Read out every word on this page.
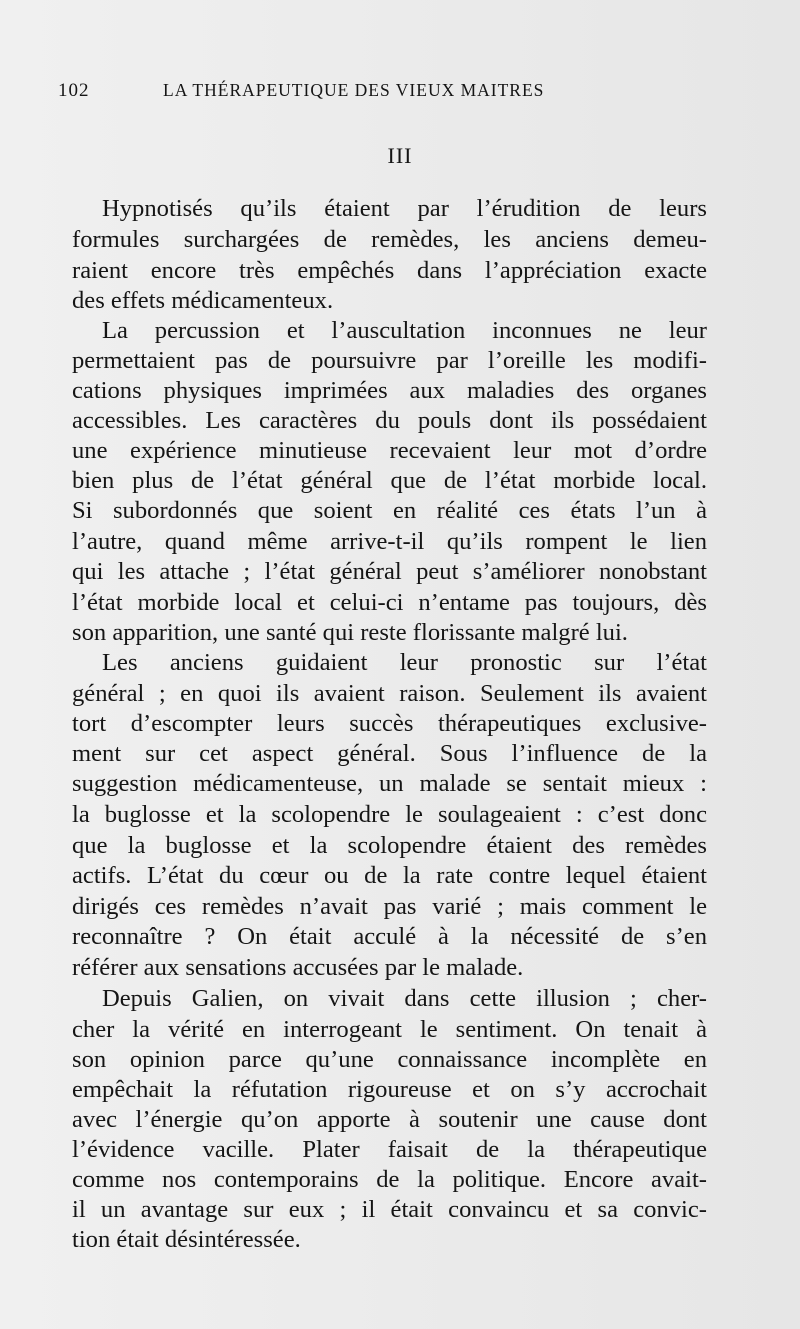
102	LA THÉRAPEUTIQUE DES VIEUX MAITRES
III
Hypnotisés qu’ils étaient par l’érudition de leurs
formules surchargées de remèdes, les anciens demeu-
raient encore très empêchés dans l’appréciation exacte
des effets médicamenteux.
La percussion et l’auscultation inconnues ne leur
permettaient pas de poursuivre par l’oreille les modifi-
cations physiques imprimées aux maladies des organes
accessibles. Les caractères du pouls dont ils possédaient
une expérience minutieuse recevaient leur mot d’ordre
bien plus de l’état général que de l’état morbide local.
Si subordonnés que soient en réalité ces états l’un à
l’autre, quand même arrive-t-il qu’ils rompent le lien
qui les attache ; l’état général peut s’améliorer nonobstant
l’état morbide local et celui-ci n’entame pas toujours, dès
son apparition, une santé qui reste florissante malgré lui.
Les anciens guidaient leur pronostic sur l’état
général ; en quoi ils avaient raison. Seulement ils avaient
tort d’escompter leurs succès thérapeutiques exclusive-
ment sur cet aspect général. Sous l’influence de la
suggestion médicamenteuse, un malade se sentait mieux :
la buglosse et la scolopendre le soulageaient : c’est donc
que la buglosse et la scolopendre étaient des remèdes
actifs. L’état du cœur ou de la rate contre lequel étaient
dirigés ces remèdes n’avait pas varié ; mais comment le
reconnaître ? On était acculé à la nécessité de s’en
référer aux sensations accusées par le malade.
Depuis Galien, on vivait dans cette illusion ; cher-
cher la vérité en interrogeant le sentiment. On tenait à
son opinion parce qu’une connaissance incomplète en
empêchait la réfutation rigoureuse et on s’y accrochait
avec l’énergie qu’on apporte à soutenir une cause dont
l’évidence vacille. Plater faisait de la thérapeutique
comme nos contemporains de la politique. Encore avait-
il un avantage sur eux ; il était convaincu et sa convic-
tion était désintéressée.
